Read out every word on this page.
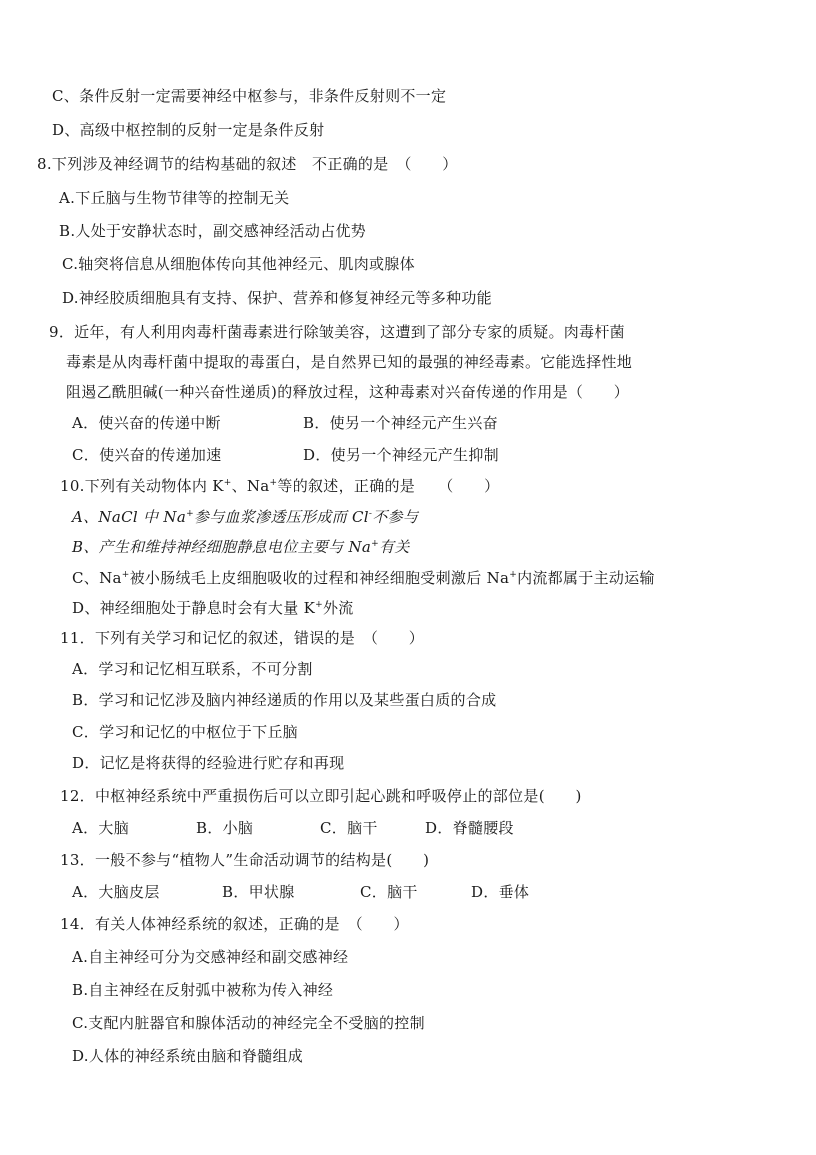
C、条件反射一定需要神经中枢参与，非条件反射则不一定
D、高级中枢控制的反射一定是条件反射
8.下列涉及神经调节的结构基础的叙述　不正确的是　（　　）
A.下丘脑与生物节律等的控制无关
B.人处于安静状态时，副交感神经活动占优势
C.轴突将信息从细胞体传向其他神经元、肌肉或腺体
D.神经胶质细胞具有支持、保护、营养和修复神经元等多种功能
9．近年，有人利用肉毒杆菌毒素进行除皱美容，这遭到了部分专家的质疑。肉毒杆菌
毒素是从肉毒杆菌中提取的毒蛋白，是自然界已知的最强的神经毒素。它能选择性地
阻遏乙酰胆碱(一种兴奋性递质)的释放过程，这种毒素对兴奋传递的作用是（　　）
A．使兴奋的传递中断	B．使另一个神经元产生兴奋
C．使兴奋的传递加速	D．使另一个神经元产生抑制
10.下列有关动物体内 K+、Na+等的叙述，正确的是　　（　　）
A、NaCl 中 Na+参与血浆渗透压形成而 Cl-不参与
B、产生和维持神经细胞静息电位主要与 Na+有关
C、Na+被小肠绒毛上皮细胞吸收的过程和神经细胞受刺激后 Na+内流都属于主动运输
D、神经细胞处于静息时会有大量 K+外流
11．下列有关学习和记忆的叙述，错误的是　（　　）
A．学习和记忆相互联系，不可分割
B．学习和记忆涉及脑内神经递质的作用以及某些蛋白质的合成
C．学习和记忆的中枢位于下丘脑
D．记忆是将获得的经验进行贮存和再现
12．中枢神经系统中严重损伤后可以立即引起心跳和呼吸停止的部位是(　　)
A．大脑	B．小脑	C．脑干	D．脊髓腰段
13．一般不参与“植物人”生命活动调节的结构是(　　)
A．大脑皮层	B．甲状腺	C．脑干	D．垂体
14．有关人体神经系统的叙述，正确的是　（　　）
A.自主神经可分为交感神经和副交感神经
B.自主神经在反射弧中被称为传入神经
C.支配内脏器官和腺体活动的神经完全不受脑的控制
D.人体的神经系统由脑和脊髓组成
